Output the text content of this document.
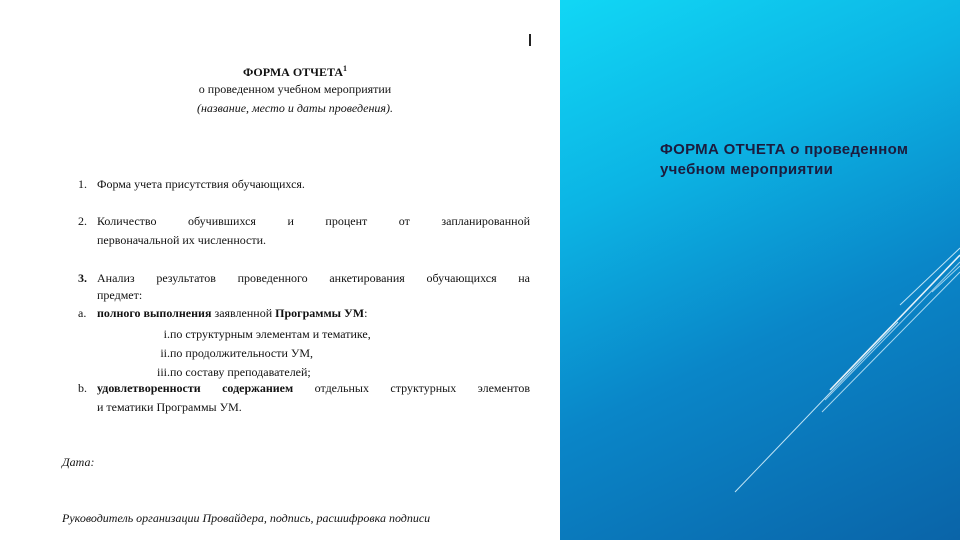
ФОРМА ОТЧЕТА$^1$
о проведенном учебном мероприятии
(название, место и даты проведения).
1. Форма учета присутствия обучающихся.
2. Количество обучившихся и процент от запланированной
первоначальной их численности.
3. Анализ результатов проведенного анкетирования обучающихся на
предмет:
a. полного выполнения заявленной Программы УМ:
i. по структурным элементам и тематике,
ii. по продолжительности УМ,
iii. по составу преподавателей;
b. удовлетворенности содержанием отдельных структурных элементов
и тематики Программы УМ.
Дата:
Руководитель организации Провайдера, подпись, расшифровка подписи
ФОРМА ОТЧЕТА о проведенном учебном мероприятии
